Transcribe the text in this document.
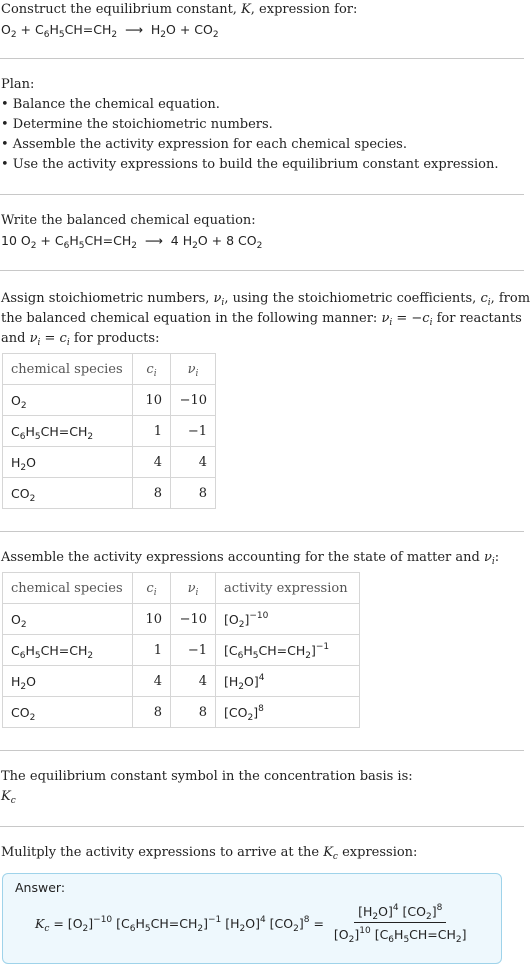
Construct the equilibrium constant, K, expression for:
$O_2 + C_6H_5CH=CH_2$  ⟶  $H_2O + CO_2$
Plan:
• Balance the chemical equation.
• Determine the stoichiometric numbers.
• Assemble the activity expression for each chemical species.
• Use the activity expressions to build the equilibrium constant expression.
Write the balanced chemical equation:
10 $O_2 + C_6H_5CH=CH_2$  ⟶  4 $H_2O + 8$ $CO_2$
Assign stoichiometric numbers, $\nu_i$, using the stoichiometric coefficients, $c_i$, from
the balanced chemical equation in the following manner: $\nu_i = -c_i$ for reactants
and $\nu_i = c_i$ for products:
chemical species	$c_i$	$\nu_i$
$O_2$	10	−10
$C_6H_5CH=CH_2$	1	−1
$H_2O$	4	4
$CO_2$	8	8
Assemble the activity expressions accounting for the state of matter and $\nu_i$:
chemical species	$c_i$	$\nu_i$	activity expression
$O_2$	10	−10	$[O_2]^{-10}$
$C_6H_5CH=CH_2$	1	−1	$[C_6H_5CH=CH_2]^{-1}$
$H_2O$	4	4	$[H_2O]^4$
$CO_2$	8	8	$[CO_2]^8$
The equilibrium constant symbol in the concentration basis is:
$K_c$
Mulitply the activity expressions to arrive at the $K_c$ expression:
Answer:
$K_c = [O_2]^{-10}$ $[C_6H_5CH=CH_2]^{-1}$ $[H_2O]^4$ $[CO_2]^8 = \frac{[H_2O]^4 [CO_2]^8}{[O_2]^{10} [C_6H_5CH=CH_2]}$
